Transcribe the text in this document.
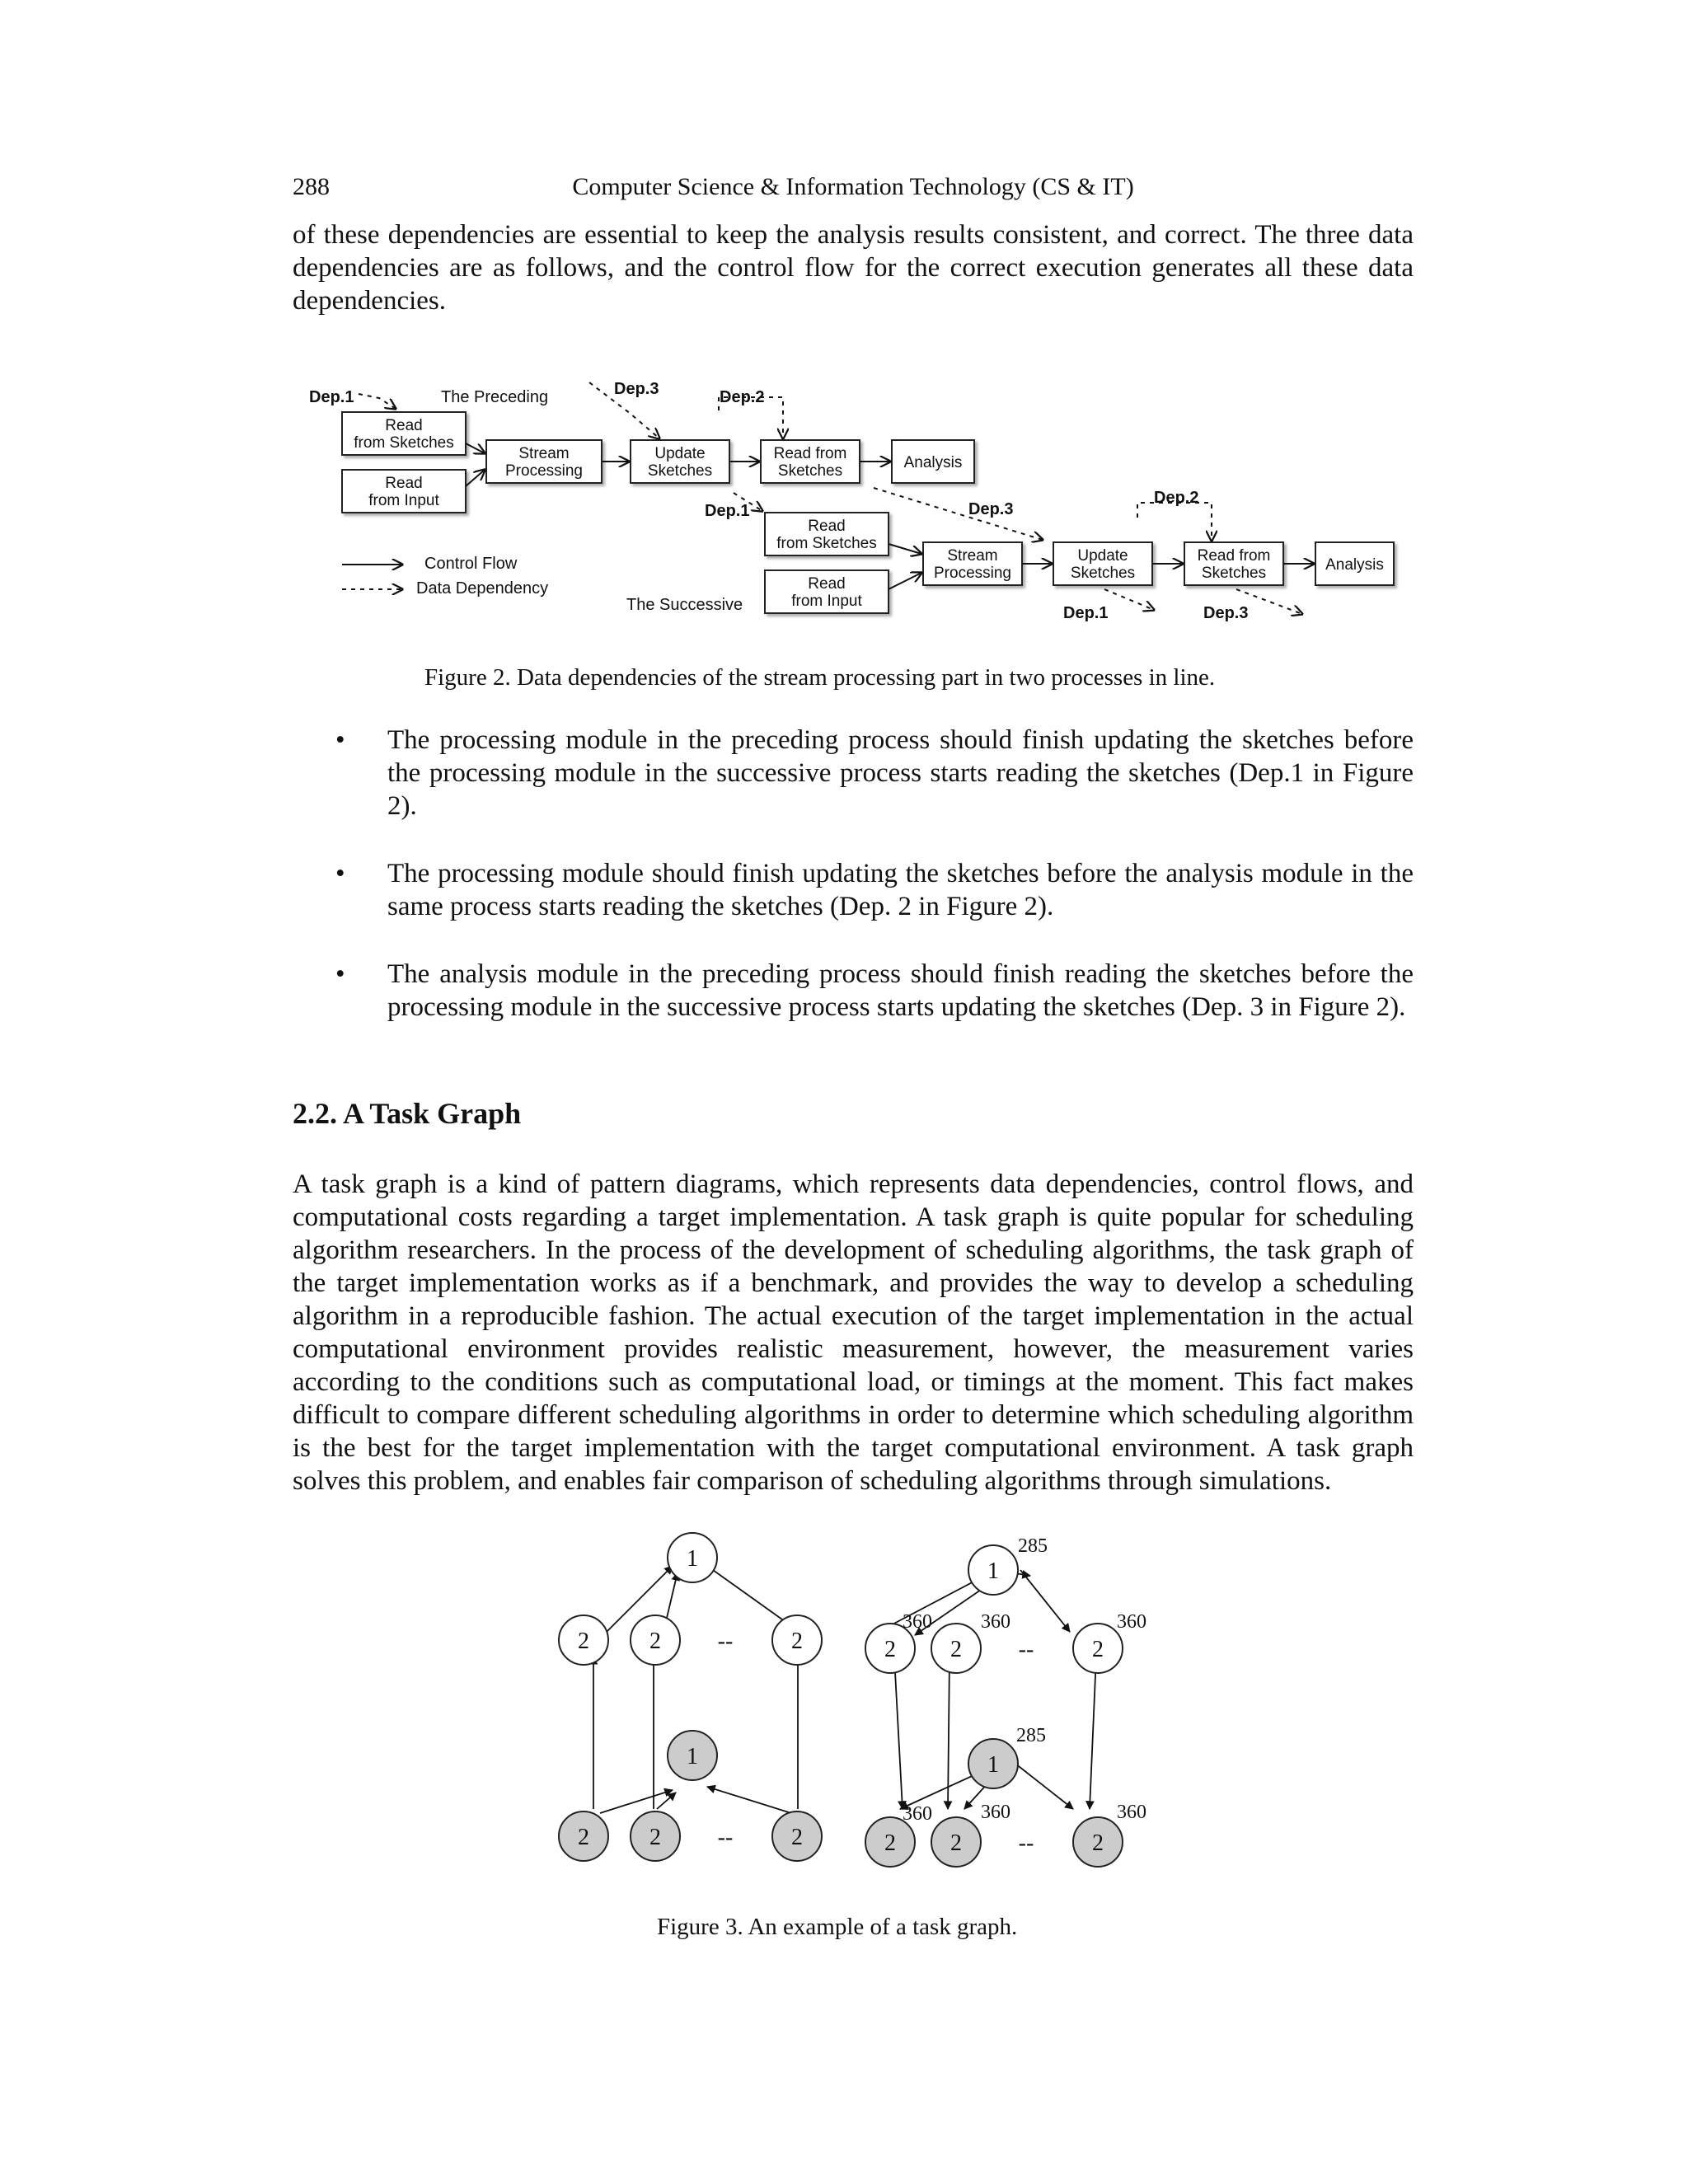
288	Computer Science & Information Technology (CS & IT)

of these dependencies are essential to keep the analysis results consistent, and correct. The three data dependencies are as follows, and the control flow for the correct execution generates all these data dependencies.

Read from Sketches
Read from Input
Stream Processing
Update Sketches
Read from Sketches	Analysis
Read from Sketches
Read from Input
Stream Processing
Update Sketches
Read from Sketches	Analysis
Dep.1	The Preceding	Dep.3	Dep.2
Dep.1	Dep.3
Dep.2
Dep.1	Dep.3
Control Flow
Data Dependency
The Successive
Figure 2. Data dependencies of the stream processing part in two processes in line.
• The processing module in the preceding process should finish updating the sketches before the processing module in the successive process starts reading the sketches (Dep.1 in Figure 2).
• The processing module should finish updating the sketches before the analysis module in the same process starts reading the sketches (Dep. 2 in Figure 2).
• The analysis module in the preceding process should finish reading the sketches before the processing module in the successive process starts updating the sketches (Dep. 3 in Figure 2).
2.2. A Task Graph

A task graph is a kind of pattern diagrams, which represents data dependencies, control flows, and computational costs regarding a target implementation. A task graph is quite popular for scheduling algorithm researchers. In the process of the development of scheduling algorithms, the task graph of the target implementation works as if a benchmark, and provides the way to develop a scheduling algorithm in a reproducible fashion. The actual execution of the target implementation in the actual computational environment provides realistic measurement, however, the measurement varies according to the conditions such as computational load, or timings at the moment. This fact makes difficult to compare different scheduling algorithms in order to determine which scheduling algorithm is the best for the target implementation with the target computational environment. A task graph solves this problem, and enables fair comparison of scheduling algorithms through simulations.

1
2	2	2
--
1
2	2	2
--
1
2 2	2
--
1
2 2	2
--
285
360 360	360
285
360 360	360
Figure 3. An example of a task graph.
